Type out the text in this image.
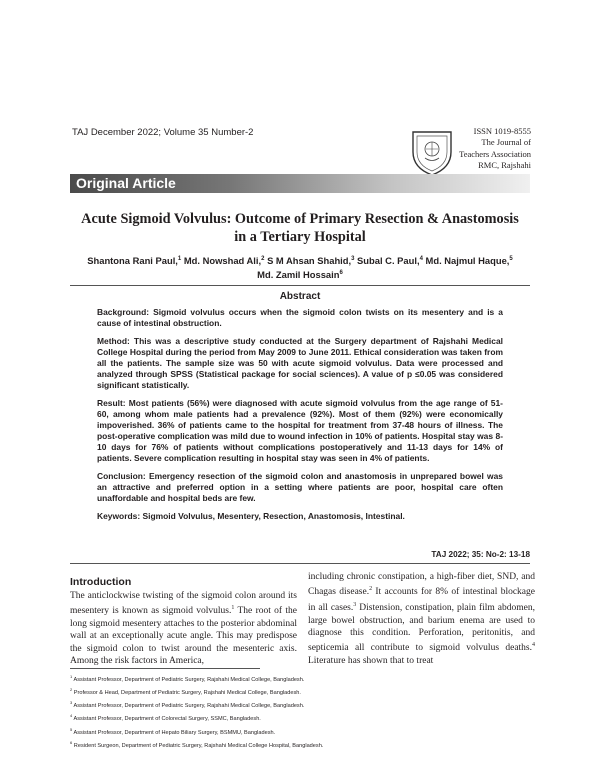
TAJ December 2022; Volume 35 Number-2	ISSN 1019-8555
The Journal of
Teachers Association
RMC, Rajshahi
Original Article
Acute Sigmoid Volvulus: Outcome of Primary Resection & Anastomosis
in a Tertiary Hospital
Shantona Rani Paul,$^1$ Md. Nowshad Ali,$^2$ S M Ahsan Shahid,$^3$ Subal C. Paul,$^4$ Md. Najmul Haque,$^5$
Md. Zamil Hossain$^6$
Abstract

Background: Sigmoid volvulus occurs when the sigmoid colon twists on its mesentery and is a cause of intestinal obstruction.

Method: This was a descriptive study conducted at the Surgery department of Rajshahi Medical College Hospital during the period from May 2009 to June 2011. Ethical consideration was taken from all the patients. The sample size was 50 with acute sigmoid volvulus. Data were processed and analyzed through SPSS (Statistical package for social sciences). A value of p ≤0.05 was considered significant statistically.

Result: Most patients (56%) were diagnosed with acute sigmoid volvulus from the age range of 51-60, among whom male patients had a prevalence (92%). Most of them (92%) were economically impoverished. 36% of patients came to the hospital for treatment from 37-48 hours of illness. The post-operative complication was mild due to wound infection in 10% of patients. Hospital stay was 8-10 days for 76% of patients without complications postoperatively and 11-13 days for 14% of patients. Severe complication resulting in hospital stay was seen in 4% of patients.

Conclusion: Emergency resection of the sigmoid colon and anastomosis in unprepared bowel was an attractive and preferred option in a setting where patients are poor, hospital care often unaffordable and hospital beds are few.

Keywords: Sigmoid Volvulus, Mesentery, Resection, Anastomosis, Intestinal.

TAJ 2022; 35: No-2: 13-18
Introduction
The anticlockwise twisting of the sigmoid colon around its mesentery is known as sigmoid volvulus.$^1$ The root of the long sigmoid mesentery attaches to the posterior abdominal wall at an exceptionally acute angle. This may predispose the sigmoid colon to twist around the mesenteric axis. Among the risk factors in America,
including chronic constipation, a high-fiber diet, SND, and Chagas disease.$^2$ It accounts for 8% of intestinal blockage in all cases.$^3$ Distension, constipation, plain film abdomen, large bowel obstruction, and barium enema are used to diagnose this condition. Perforation, peritonitis, and septicemia all contribute to sigmoid volvulus deaths.$^4$ Literature has shown that to treat
$^1$ Assistant Professor, Department of Pediatric Surgery, Rajshahi Medical College, Bangladesh.
$^2$ Professor & Head, Department of Pediatric Surgery, Rajshahi Medical College, Bangladesh.
$^3$ Assistant Professor, Department of Pediatric Surgery, Rajshahi Medical College, Bangladesh.
$^4$ Assistant Professor, Department of Colorectal Surgery, SSMC, Bangladesh.
$^5$ Assistant Professor, Department of Hepato Biliary Surgery, BSMMU, Bangladesh.
$^6$ Resident Surgeon, Department of Pediatric Surgery, Rajshahi Medical College Hospital, Bangladesh.
